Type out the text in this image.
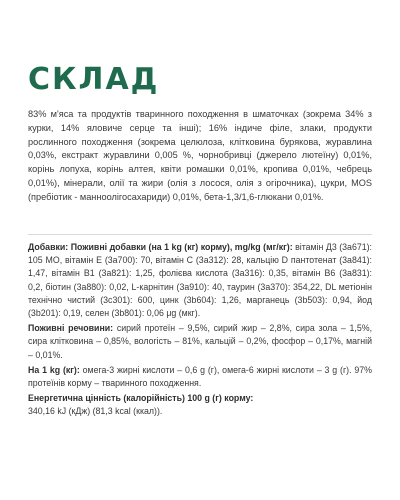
СКЛАД

83% м'яса та продуктів тваринного походження в шматочках (зокрема 34% з курки, 14% яловиче серце та інші); 16% індиче філе, злаки, продукти рослинного походження (зокрема целюлоза, клітковина бурякова, журавлина 0,03%, екстракт журавлини 0,005 %, чорнобривці (джерело лютеїну) 0,01%, корінь лопуха, корінь алтея, квіти ромашки 0,01%, кропива 0,01%, чебрець 0,01%), мінерали, олії та жири (олія з лосося, олія з огірочника), цукри, MOS (пребіотик - манноолігосахариди) 0,01%, бета-1,3/1,6-глюкани 0,01%.

Добавки: Поживні добавки (на 1 kg (кг) корму), mg/kg (мг/кг): вітамін Д3 (3a671): 105 МО, вітамін Е (3a700): 70, вітамін С (3a312): 28, кальцію D пантотенат (3a841): 1,47, вітамін B1 (3a821): 1,25, фолієва кислота (3a316): 0,35, вітамін B6 (3a831): 0,2, біотин (3a880): 0,02, L-карнітин (3a910): 40, таурин (3a370): 354,22, DL метіонін технічно чистий (3c301): 600, цинк (3b604): 1,26, марганець (3b503): 0,94, йод (3b201): 0,19, селен (3b801): 0,06 μg (мкг).

Поживні речовини: сирий протеїн – 9,5%, сирий жир – 2,8%, сира зола – 1,5%, сира клітковина – 0,85%, вологість – 81%, кальцій – 0,2%, фосфор – 0,17%, магній – 0,01%.

На 1 kg (кг): омега-3 жирні кислоти – 0,6 g (г), омега-6 жирні кислоти – 3 g (г). 97% протеїнів корму – тваринного походження.

Енергетична цінність (калорійність) 100 g (г) корму:
340,16 kJ (кДж) (81,3 kcal (ккал)).
